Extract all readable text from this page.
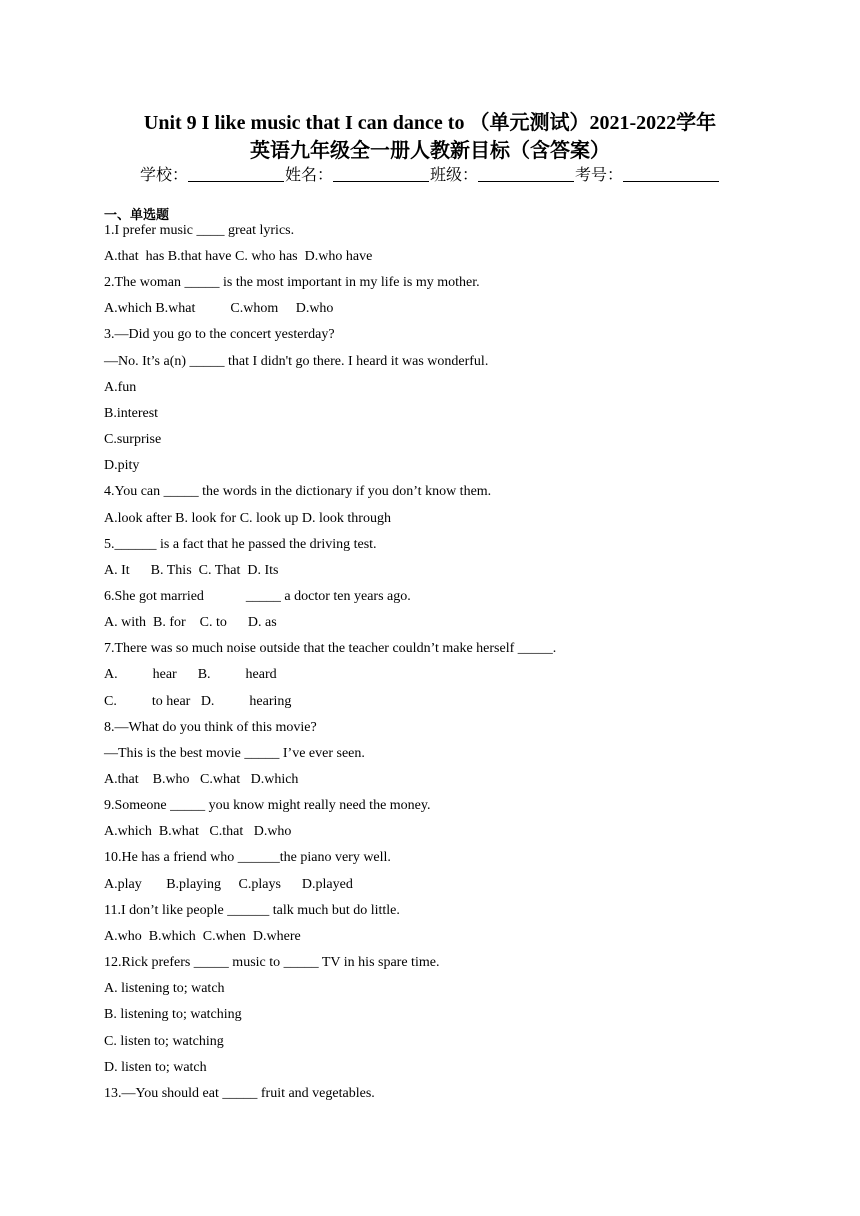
Unit 9 I like music that I can dance to （单元测试）2021-2022学年
英语九年级全一册人教新目标（含答案）
学校：	姓名：	班级：	考号：
一、单选题
1.I prefer music ____ great lyrics.
A.that  has B.that have C. who has  D.who have
2.The woman _____ is the most important in my life is my mother.
A.which B.what          C.whom     D.who
3.—Did you go to the concert yesterday?
—No. It’s a(n) _____ that I didn't go there. I heard it was wonderful.
A.fun
B.interest
C.surprise
D.pity
4.You can _____ the words in the dictionary if you don’t know them.
A.look after B. look for C. look up D. look through
5.______ is a fact that he passed the driving test.
A. It      B. This  C. That  D. Its
6.She got married            _____ a doctor ten years ago.
A. with  B. for    C. to      D. as
7.There was so much noise outside that the teacher couldn’t make herself _____.
A.          hear      B.          heard
C.          to hear   D.          hearing
8.—What do you think of this movie?
—This is the best movie _____ I’ve ever seen.
A.that    B.who   C.what   D.which
9.Someone _____ you know might really need the money.
A.which  B.what   C.that   D.who
10.He has a friend who ______the piano very well.
A.play       B.playing     C.plays      D.played
11.I don’t like people ______ talk much but do little.
A.who  B.which  C.when  D.where
12.Rick prefers _____ music to _____ TV in his spare time.
A. listening to; watch
B. listening to; watching
C. listen to; watching
D. listen to; watch
13.—You should eat _____ fruit and vegetables.
